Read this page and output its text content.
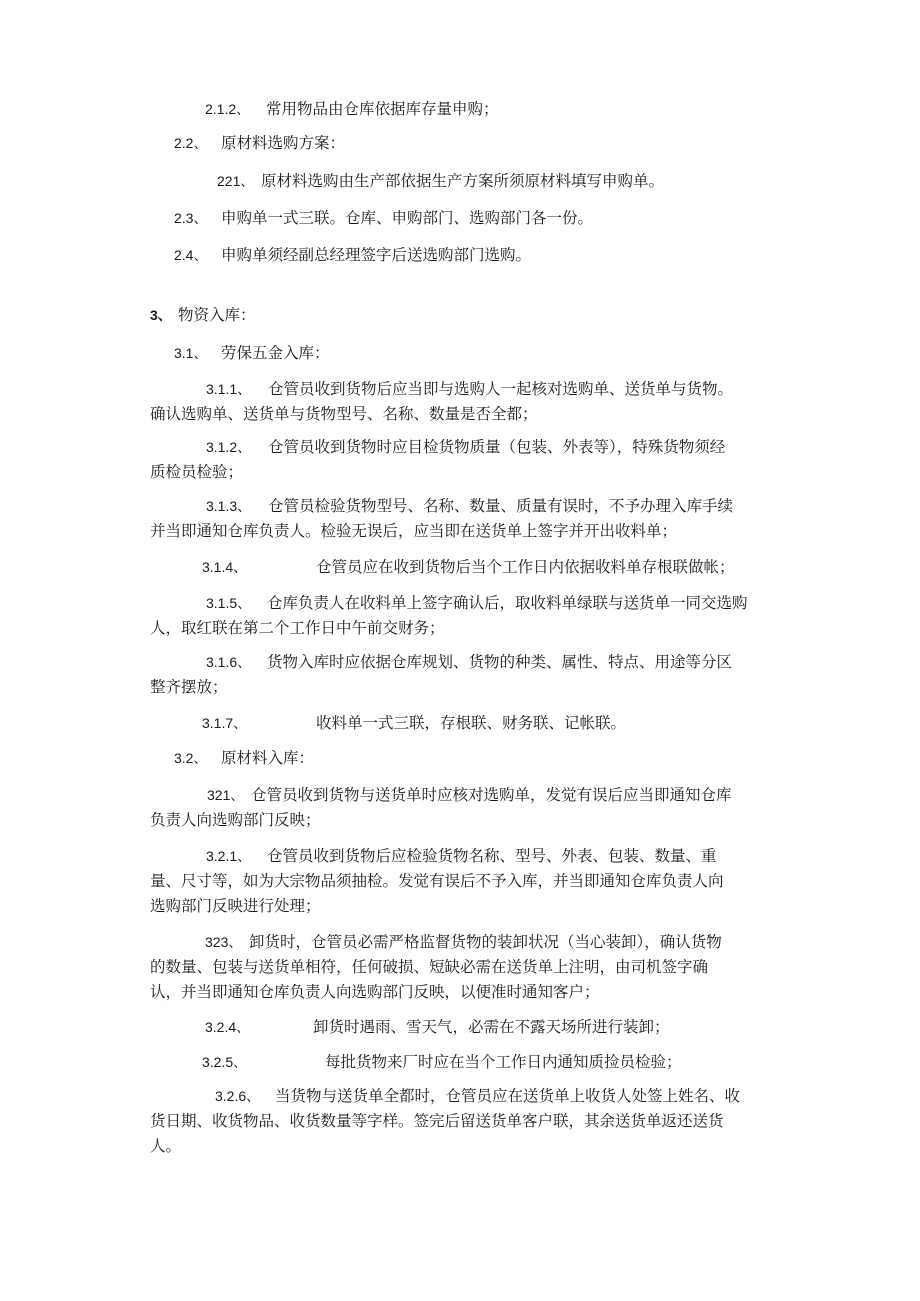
2.1.2、 常用物品由仓库依据库存量申购；
2.2、 原材料选购方案：
221、 原材料选购由生产部依据生产方案所须原材料填写申购单。
2.3、 申购单一式三联。仓库、申购部门、选购部门各一份。
2.4、 申购单须经副总经理签字后送选购部门选购。
3、 物资入库：
3.1、 劳保五金入库：
3.1.1、 仓管员收到货物后应当即与选购人一起核对选购单、送货单与货物。
确认选购单、送货单与货物型号、名称、数量是否全都；
3.1.2、 仓管员收到货物时应目检货物质量（包装、外表等），特殊货物须经
质检员检验；
3.1.3、 仓管员检验货物型号、名称、数量、质量有误时，不予办理入库手续
并当即通知仓库负责人。检验无误后，应当即在送货单上签字并开出收料单；
3.1.4、	仓管员应在收到货物后当个工作日内依据收料单存根联做帐；
3.1.5、 仓库负责人在收料单上签字确认后，取收料单绿联与送货单一同交选购
人，取红联在第二个工作日中午前交财务；
3.1.6、 货物入库时应依据仓库规划、货物的种类、属性、特点、用途等分区
整齐摆放；
3.1.7、	收料单一式三联，存根联、财务联、记帐联。
3.2、 原材料入库：
321、 仓管员收到货物与送货单时应核对选购单，发觉有误后应当即通知仓库
负责人向选购部门反映；
3.2.1、 仓管员收到货物后应检验货物名称、型号、外表、包装、数量、重
量、尺寸等，如为大宗物品须抽检。发觉有误后不予入库，并当即通知仓库负责人向
选购部门反映进行处理；
323、 卸货时，仓管员必需严格监督货物的装卸状况（当心装卸），确认货物
的数量、包装与送货单相符，任何破损、短缺必需在送货单上注明，由司机签字确
认，并当即通知仓库负责人向选购部门反映，以便准时通知客户；
3.2.4、	卸货时遇雨、雪天气，必需在不露天场所进行装卸；
3.2.5、	每批货物来厂时应在当个工作日内通知质捡员检验；
3.2.6、 当货物与送货单全都时，仓管员应在送货单上收货人处签上姓名、收
货日期、收货物品、收货数量等字样。签完后留送货单客户联，其余送货单返还送货
人。
